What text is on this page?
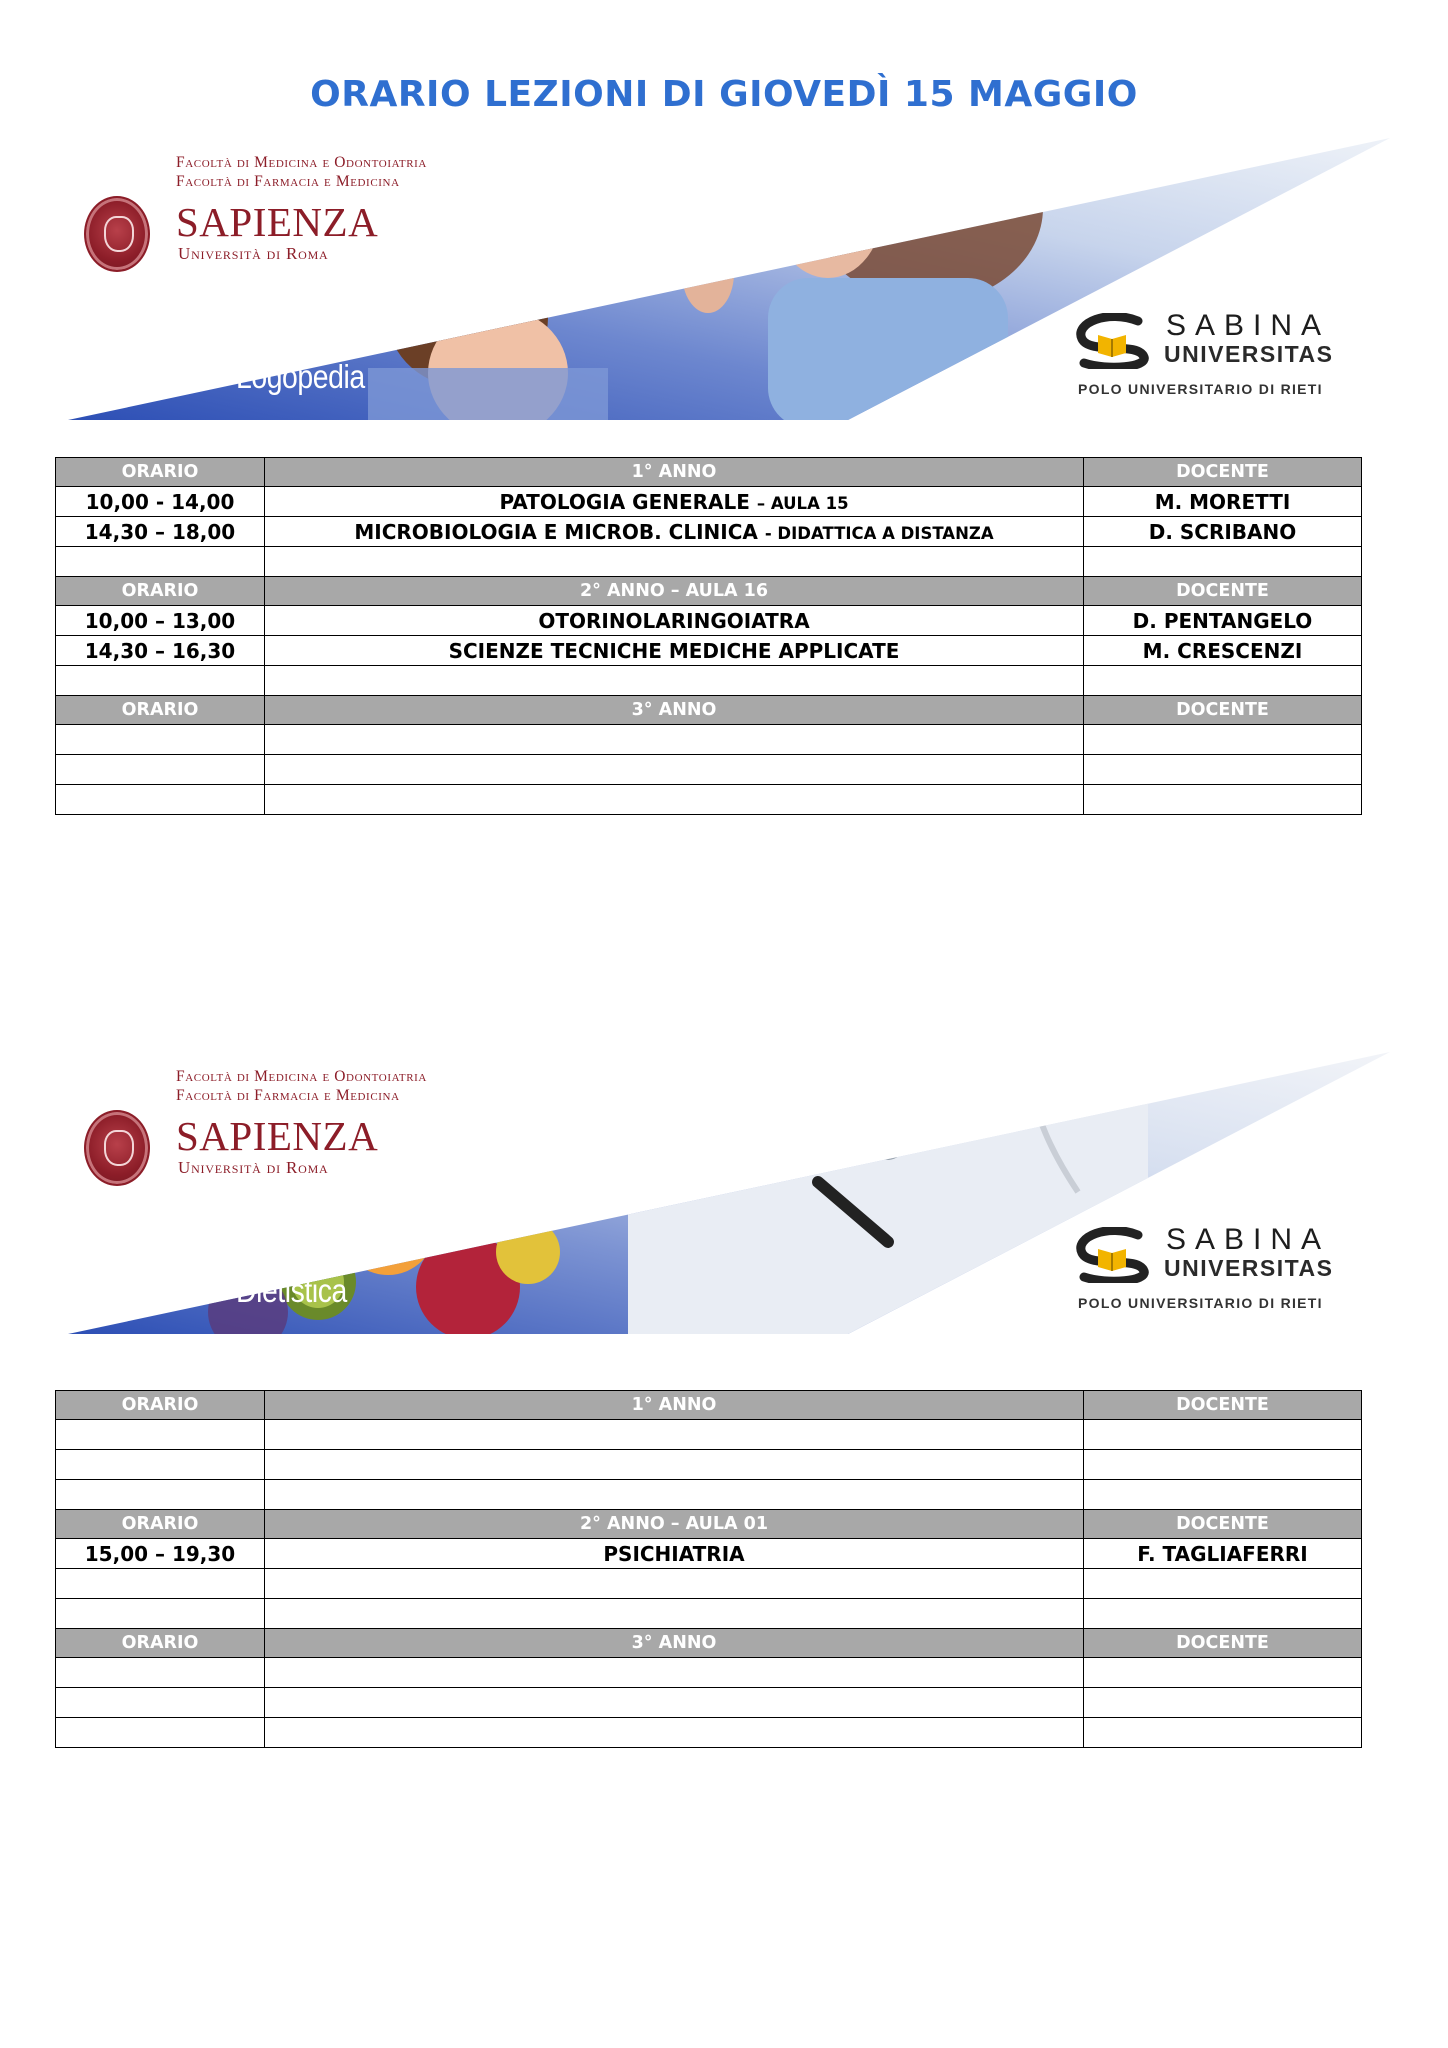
ORARIO LEZIONI DI GIOVEDÌ 15 MAGGIO
Facoltà di Medicina e Odontoiatria
Facoltà di Farmacia e Medicina
SAPIENZA
Università di Roma
Logopedia
SABINA
UNIVERSITAS
POLO UNIVERSITARIO DI RIETI
ORARIO	1° ANNO	DOCENTE
10,00 - 14,00	PATOLOGIA GENERALE – AULA 15	M. MORETTI
14,30 – 18,00	MICROBIOLOGIA E MICROB. CLINICA - DIDATTICA A DISTANZA	D. SCRIBANO

ORARIO	2° ANNO – AULA 16	DOCENTE
10,00 – 13,00	OTORINOLARINGOIATRA	D. PENTANGELO
14,30 – 16,30	SCIENZE TECNICHE MEDICHE APPLICATE	M. CRESCENZI

ORARIO	3° ANNO	DOCENTE

Facoltà di Medicina e Odontoiatria
Facoltà di Farmacia e Medicina
SAPIENZA
Università di Roma
Dietistica
SABINA
UNIVERSITAS
POLO UNIVERSITARIO DI RIETI
ORARIO	1° ANNO	DOCENTE

ORARIO	2° ANNO – AULA 01	DOCENTE
15,00 – 19,30	PSICHIATRIA	F. TAGLIAFERRI

ORARIO	3° ANNO	DOCENTE
